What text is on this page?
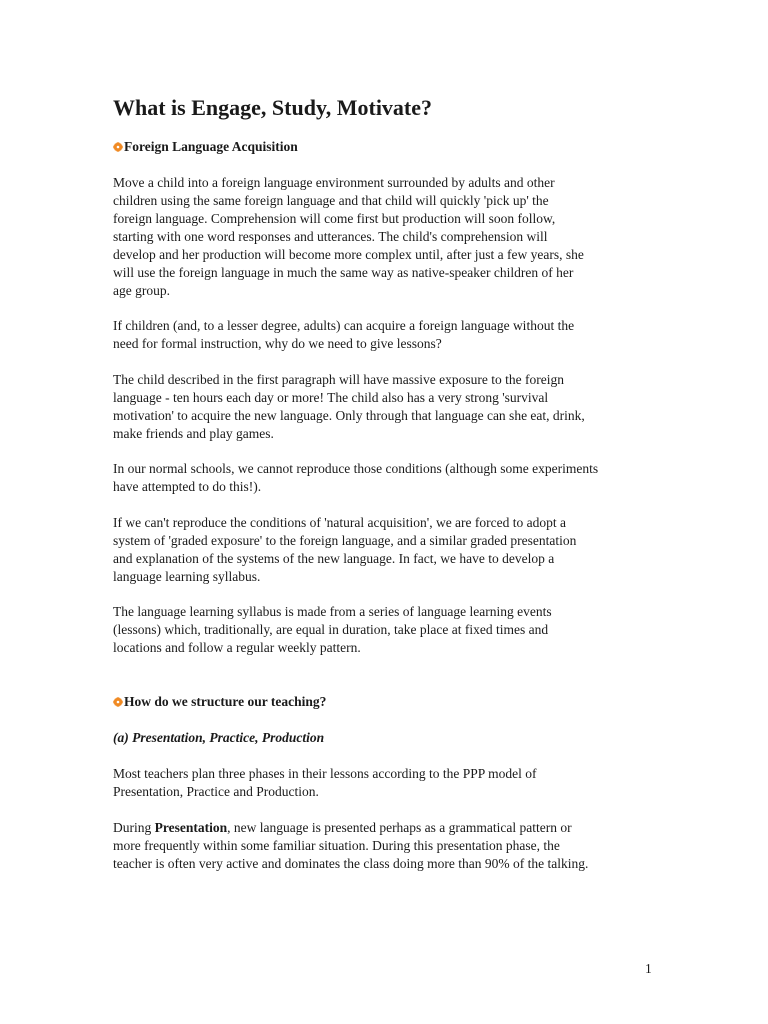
What is Engage, Study, Motivate?
Foreign Language Acquisition
Move a child into a foreign language environment surrounded by adults and other
children using the same foreign language and that child will quickly 'pick up' the
foreign language. Comprehension will come first but production will soon follow,
starting with one word responses and utterances. The child's comprehension will
develop and her production will become more complex until, after just a few years, she
will use the foreign language in much the same way as native-speaker children of her
age group.
If children (and, to a lesser degree, adults) can acquire a foreign language without the
need for formal instruction, why do we need to give lessons?
The child described in the first paragraph will have massive exposure to the foreign
language - ten hours each day or more! The child also has a very strong 'survival
motivation' to acquire the new language. Only through that language can she eat, drink,
make friends and play games.
In our normal schools, we cannot reproduce those conditions (although some experiments
have attempted to do this!).
If we can't reproduce the conditions of 'natural acquisition', we are forced to adopt a
system of 'graded exposure' to the foreign language, and a similar graded presentation
and explanation of the systems of the new language. In fact, we have to develop a
language learning syllabus.
The language learning syllabus is made from a series of language learning events
(lessons) which, traditionally, are equal in duration, take place at fixed times and
locations and follow a regular weekly pattern.
How do we structure our teaching?
(a) Presentation, Practice, Production
Most teachers plan three phases in their lessons according to the PPP model of
Presentation, Practice and Production.
During Presentation, new language is presented perhaps as a grammatical pattern or
more frequently within some familiar situation. During this presentation phase, the
teacher is often very active and dominates the class doing more than 90% of the talking.
1
